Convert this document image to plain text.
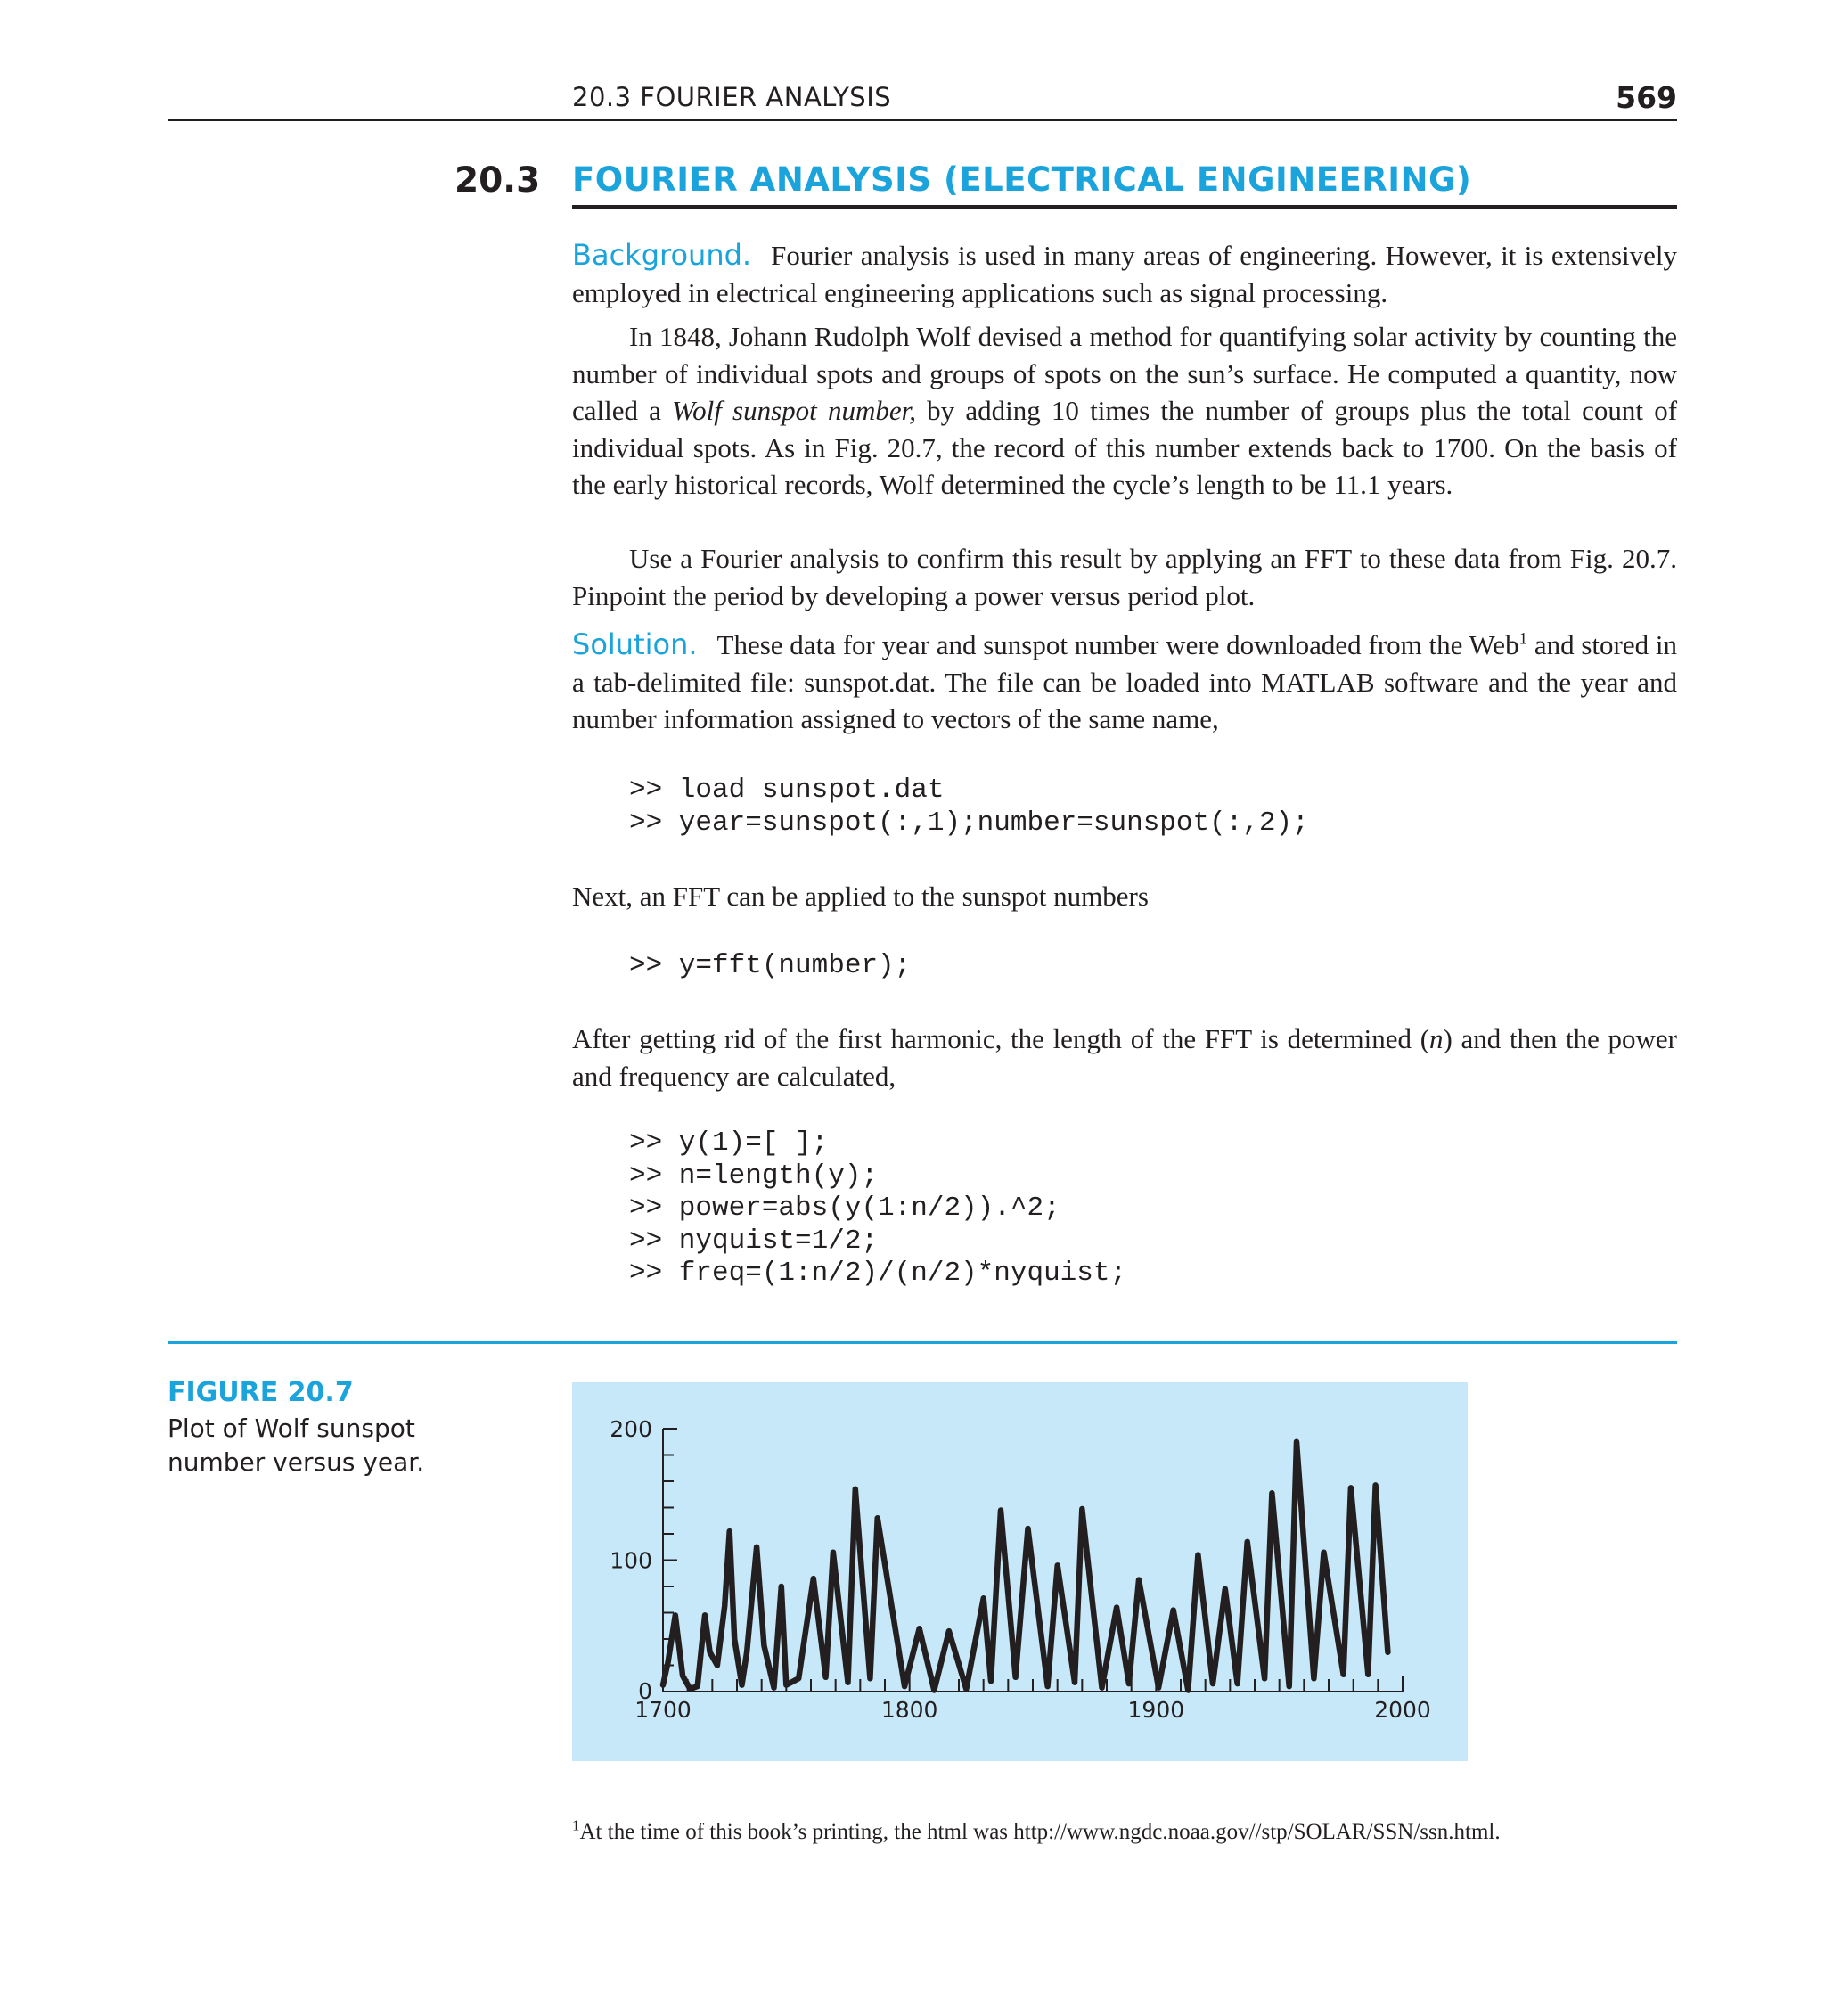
20.3 FOURIER ANALYSIS	569
20.3 FOURIER ANALYSIS (ELECTRICAL ENGINEERING)

Background. Fourier analysis is used in many areas of engineering. However, it is extensively employed in electrical engineering applications such as signal processing.

In 1848, Johann Rudolph Wolf devised a method for quantifying solar activity by counting the number of individual spots and groups of spots on the sun’s surface. He computed a quantity, now called a Wolf sunspot number, by adding 10 times the number of groups plus the total count of individual spots. As in Fig. 20.7, the record of this number extends back to 1700. On the basis of the early historical records, Wolf determined the cycle’s length to be 11.1 years.

Use a Fourier analysis to confirm this result by applying an FFT to these data from Fig. 20.7. Pinpoint the period by developing a power versus period plot.

Solution. These data for year and sunspot number were downloaded from the Web$^1$ and stored in a tab-delimited file: sunspot.dat. The file can be loaded into MATLAB software and the year and number information assigned to vectors of the same name,

>> load sunspot.dat
>> year=sunspot(:,1);number=sunspot(:,2);

Next, an FFT can be applied to the sunspot numbers

>> y=fft(number);

After getting rid of the first harmonic, the length of the FFT is determined (n) and then the power and frequency are calculated,

>> y(1)=[ ];
>> n=length(y);
>> power=abs(y(1:n/2)).^2;
>> nyquist=1/2;
>> freq=(1:n/2)/(n/2)*nyquist;
FIGURE 20.7
Plot of Wolf sunspot number versus year.
0
100
200
1700	1800	1900	2000
$^1$At the time of this book’s printing, the html was http://www.ngdc.noaa.gov//stp/SOLAR/SSN/ssn.html.
